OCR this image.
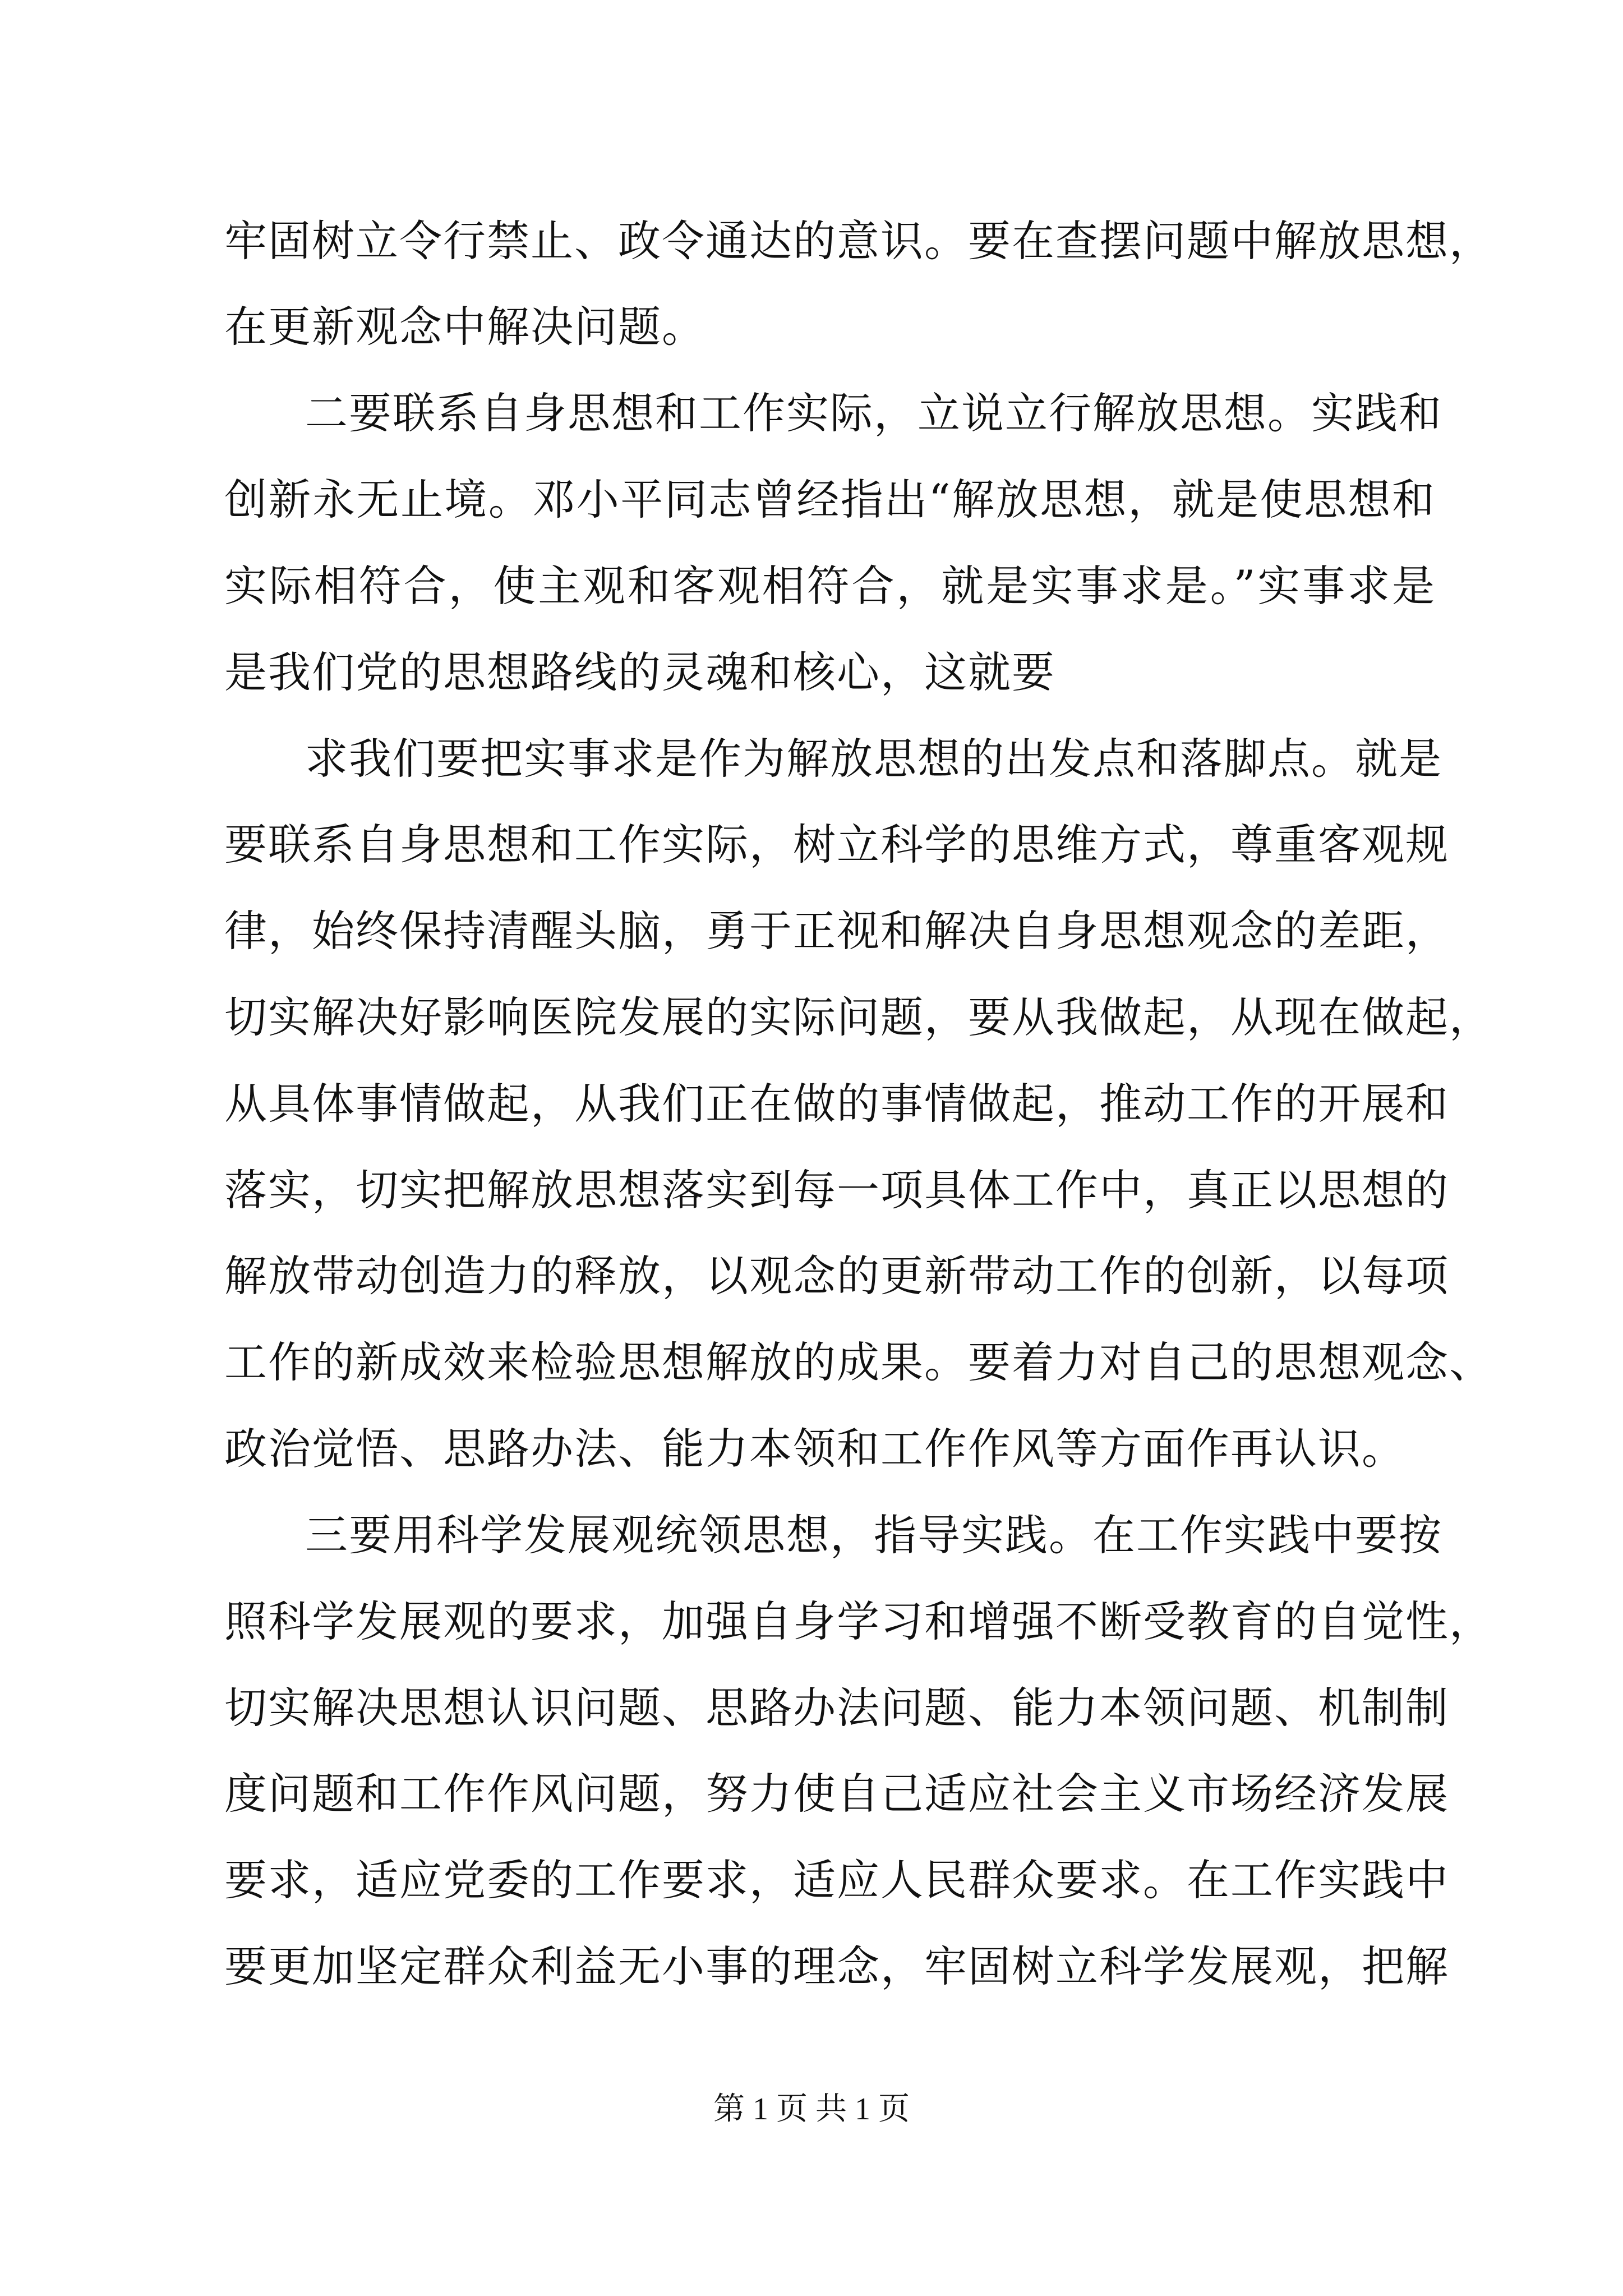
牢固树立令行禁止、政令通达的意识。要在查摆问题中解放思想，

在更新观念中解决问题。

二要联系自身思想和工作实际，立说立行解放思想。实践和

创新永无止境。邓小平同志曾经指出“解放思想，就是使思想和

实际相符合，使主观和客观相符合，就是实事求是。”实事求是

是我们党的思想路线的灵魂和核心，这就要

求我们要把实事求是作为解放思想的出发点和落脚点。就是

要联系自身思想和工作实际，树立科学的思维方式，尊重客观规

律，始终保持清醒头脑，勇于正视和解决自身思想观念的差距，

切实解决好影响医院发展的实际问题，要从我做起，从现在做起，

从具体事情做起，从我们正在做的事情做起，推动工作的开展和

落实，切实把解放思想落实到每一项具体工作中，真正以思想的

解放带动创造力的释放，以观念的更新带动工作的创新，以每项

工作的新成效来检验思想解放的成果。要着力对自己的思想观念、

政治觉悟、思路办法、能力本领和工作作风等方面作再认识。

三要用科学发展观统领思想，指导实践。在工作实践中要按

照科学发展观的要求，加强自身学习和增强不断受教育的自觉性，

切实解决思想认识问题、思路办法问题、能力本领问题、机制制

度问题和工作作风问题，努力使自己适应社会主义市场经济发展

要求，适应党委的工作要求，适应人民群众要求。在工作实践中

要更加坚定群众利益无小事的理念，牢固树立科学发展观，把解

第 1 页 共 1 页
